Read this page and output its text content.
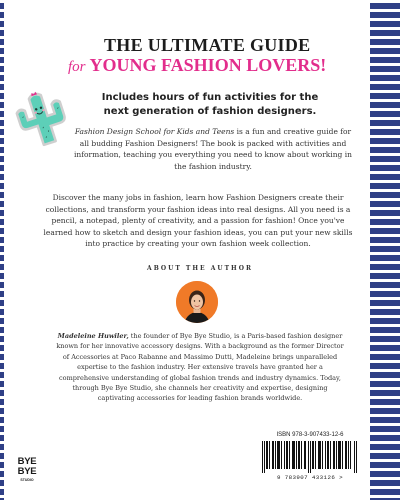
THE ULTIMATE GUIDE
for YOUNG FASHION LOVERS!
Includes hours of fun activities for the next generation of fashion designers.
Fashion Design School for Kids and Teens is a fun and creative guide for all budding Fashion Designers! The book is packed with activities and information, teaching you everything you need to know about working in the fashion industry.
Discover the many jobs in fashion, learn how Fashion Designers create their collections, and transform your fashion ideas into real designs. All you need is a pencil, a notepad, plenty of creativity, and a passion for fashion! Once you've learned how to sketch and design your fashion ideas, you can put your new skills into practice by creating your own fashion week collection.
ABOUT THE AUTHOR
Madeleine Huwiler, the founder of Bye Bye Studio, is a Paris-based fashion designer known for her innovative accessory designs. With a background as the former Director of Accessories at Paco Rabanne and Massimo Dutti, Madeleine brings unparalleled expertise to the fashion industry. Her extensive travels have granted her a comprehensive understanding of global fashion trends and industry dynamics. Today, through Bye Bye Studio, she channels her creativity and expertise, designing captivating accessories for leading fashion brands worldwide.
BYE
BYE
STUDIO
ISBN 978-3-907433-12-6
9 783907 433126 >
